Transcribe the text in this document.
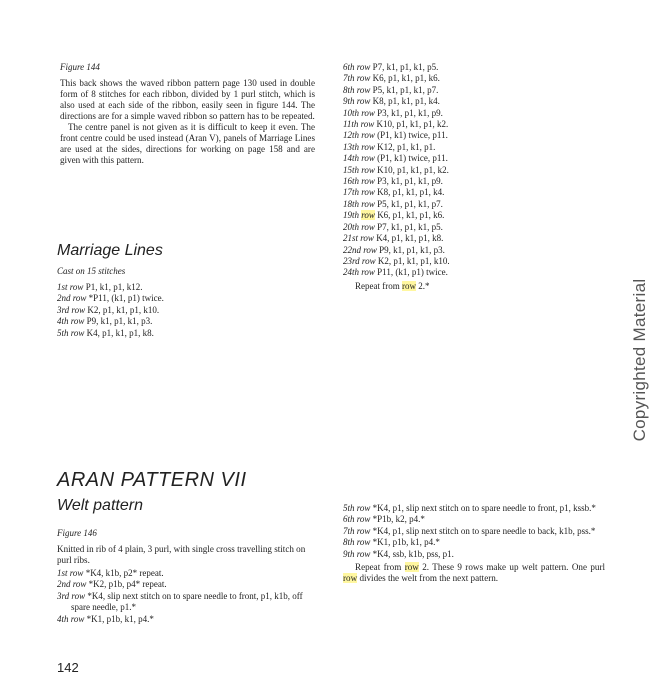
Figure 144

This back shows the waved ribbon pattern page 130 used in double form of 8 stitches for each ribbon, divided by 1 purl stitch, which is also used at each side of the ribbon, easily seen in figure 144. The directions are for a simple waved ribbon so pattern has to be repeated.

The centre panel is not given as it is difficult to keep it even. The front centre could be used instead (Aran V), panels of Marriage Lines are used at the sides, directions for working on page 158 and are given with this pattern.

Marriage Lines
Cast on 15 stitches
1st row P1, k1, p1, k12.
2nd row *P11, (k1, p1) twice.
3rd row K2, p1, k1, p1, k10.
4th row P9, k1, p1, k1, p3.
5th row K4, p1, k1, p1, k8.
6th row P7, k1, p1, k1, p5.
7th row K6, p1, k1, p1, k6.
8th row P5, k1, p1, k1, p7.
9th row K8, p1, k1, p1, k4.
10th row P3, k1, p1, k1, p9.
11th row K10, p1, k1, p1, k2.
12th row (P1, k1) twice, p11.
13th row K12, p1, k1, p1.
14th row (P1, k1) twice, p11.
15th row K10, p1, k1, p1, k2.
16th row P3, k1, p1, k1, p9.
17th row K8, p1, k1, p1, k4.
18th row P5, k1, p1, k1, p7.
19th row K6, p1, k1, p1, k6.
20th row P7, k1, p1, k1, p5.
21st row K4, p1, k1, p1, k8.
22nd row P9, k1, p1, k1, p3.
23rd row K2, p1, k1, p1, k10.
24th row P11, (k1, p1) twice.
Repeat from row 2.*	Copyrighted Material
ARAN PATTERN VII
Welt pattern
Figure 146
Knitted in rib of 4 plain, 3 purl, with single cross travelling stitch on purl ribs.
1st row *K4, k1b, p2* repeat.
2nd row *K2, p1b, p4* repeat.
3rd row *K4, slip next stitch on to spare needle to front, p1, k1b, off spare needle, p1.*
4th row *K1, p1b, k1, p4.*
5th row *K4, p1, slip next stitch on to spare needle to front, p1, kssb.*
6th row *P1b, k2, p4.*
7th row *K4, p1, slip next stitch on to spare needle to back, k1b, pss.*
8th row *K1, p1b, k1, p4.*
9th row *K4, ssb, k1b, pss, p1.
Repeat from row 2. These 9 rows make up welt pattern. One purl row divides the welt from the next pattern.
142
